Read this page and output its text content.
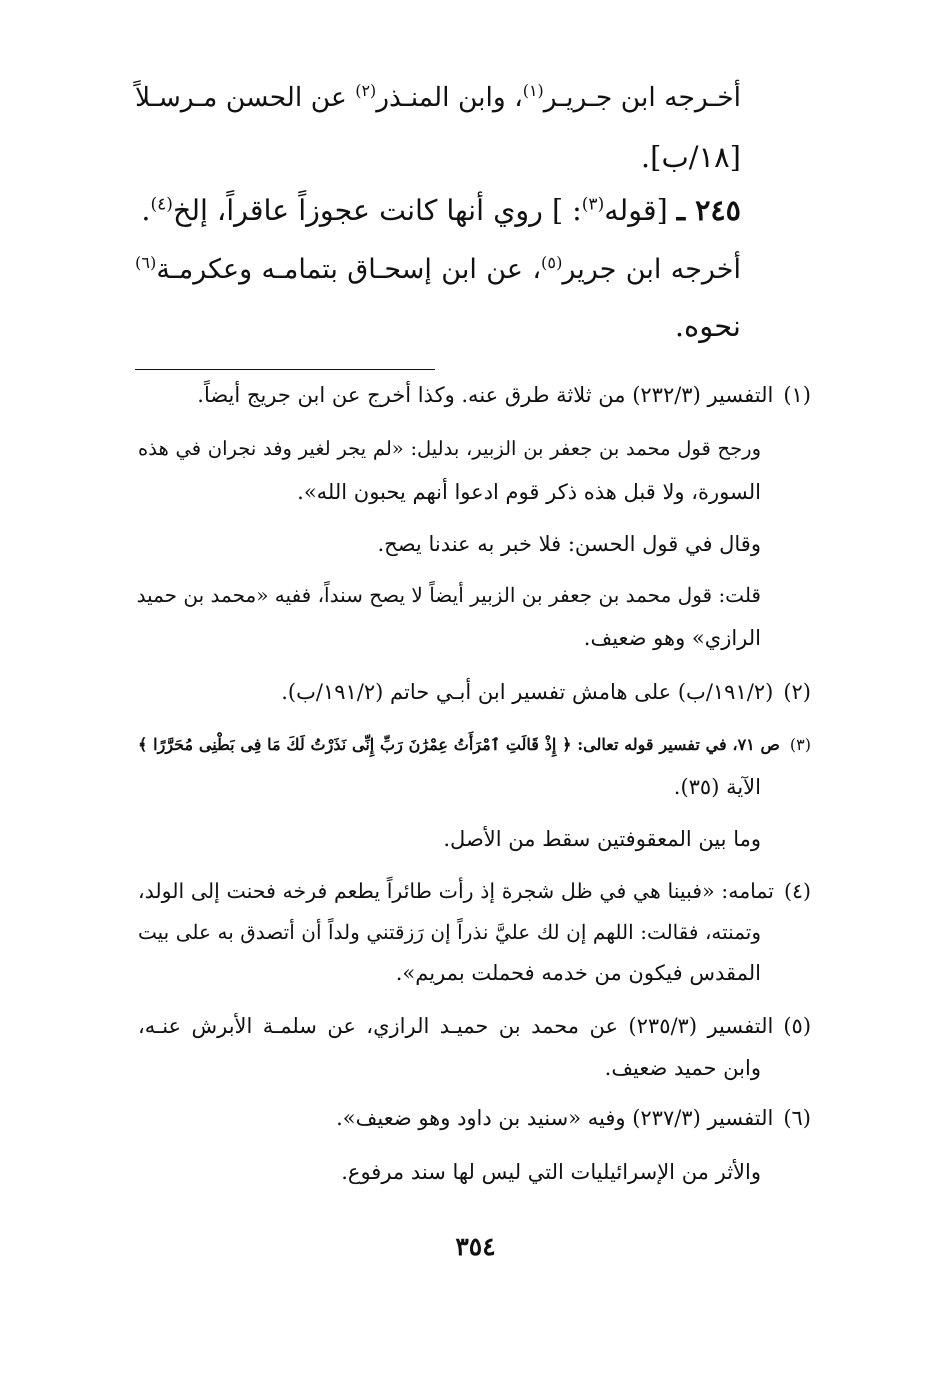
أخـرجه ابن جـريـر$^{(١)}$، وابن المنـذر$^{(٢)}$ عن الحسن مـرسـلاً
[١٨/ب].
٢٤٥ ـ [قوله$^{(٣)}$: ] روي أنها كانت عجوزاً عاقراً، إلخ$^{(٤)}$.
أخرجه ابن جرير$^{(٥)}$، عن ابن إسحـاق بتمامـه وعكرمـة$^{(٦)}$
نحوه.
(١)التفسير (٢٣٢/٣) من ثلاثة طرق عنه. وكذا أخرج عن ابن جريج أيضاً.
ورجح قول محمد بن جعفر بن الزبير، بدليل: «لم يجر لغير وفد نجران في هذه
السورة، ولا قبل هذه ذكر قوم ادعوا أنهم يحبون الله».
وقال في قول الحسن: فلا خبر به عندنا يصح.
قلت: قول محمد بن جعفر بن الزبير أيضاً لا يصح سنداً، ففيه «محمد بن حميد
الرازي» وهو ضعيف.
(٢)(١٩١/٢/ب) على هامش تفسير ابن أبـي حاتم (١٩١/٢/ب).
(٣)ص ٧١، في تفسير قوله تعالى: ﴿ إِذْ قَالَتِ ٱمْرَأَتُ عِمْرَٰنَ رَبِّ إِنِّى نَذَرْتُ لَكَ مَا فِى بَطْنِى مُحَرَّرًا ﴾
الآية (٣٥).
وما بين المعقوفتين سقط من الأصل.
(٤)تمامه: «فبينا هي في ظل شجرة إذ رأت طائراً يطعم فرخه فحنت إلى الولد،
وتمنته، فقالت: اللهم إن لك عليَّ نذراً إن رَزقتني ولداً أن أتصدق به على بيت
المقدس فيكون من خدمه فحملت بمريم».
(٥)التفسير (٢٣٥/٣) عن محمد بن حميـد الرازي، عن سلمـة الأبرش عنـه،
وابن حميد ضعيف.
(٦)التفسير (٢٣٧/٣) وفيه «سنيد بن داود وهو ضعيف».
والأثر من الإسرائيليات التي ليس لها سند مرفوع.
٣٥٤
